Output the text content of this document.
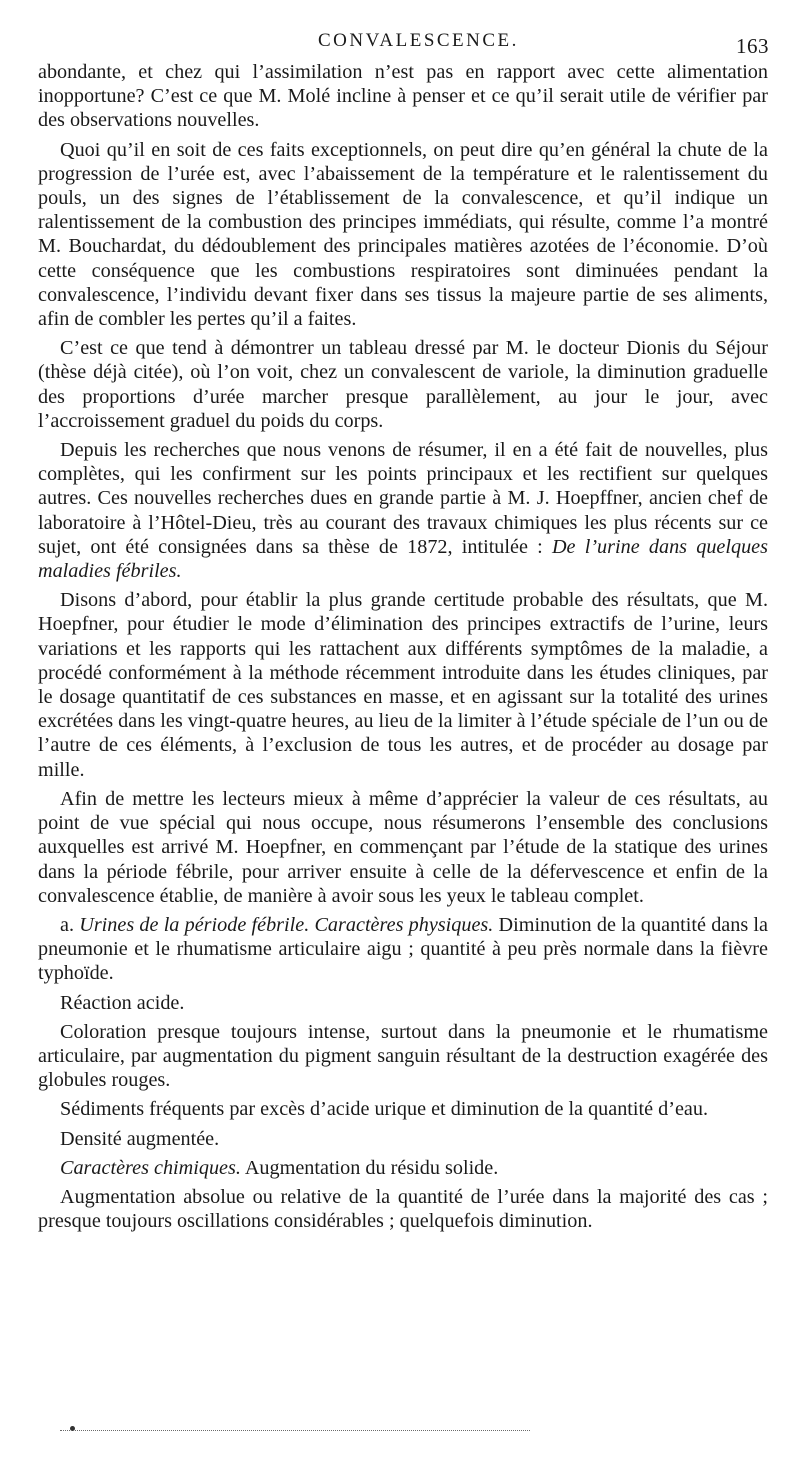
CONVALESCENCE.	163

abondante, et chez qui l’assimilation n’est pas en rapport avec cette alimentation inopportune? C’est ce que M. Molé incline à penser et ce qu’il serait utile de vérifier par des observations nouvelles.

Quoi qu’il en soit de ces faits exceptionnels, on peut dire qu’en général la chute de la progression de l’urée est, avec l’abaissement de la température et le ralentissement du pouls, un des signes de l’établissement de la convalescence, et qu’il indique un ralentissement de la combustion des principes immédiats, qui résulte, comme l’a montré M. Bouchardat, du dédoublement des principales matières azotées de l’économie. D’où cette conséquence que les combustions respiratoires sont diminuées pendant la convalescence, l’individu devant fixer dans ses tissus la majeure partie de ses aliments, afin de combler les pertes qu’il a faites.

C’est ce que tend à démontrer un tableau dressé par M. le docteur Dionis du Séjour (thèse déjà citée), où l’on voit, chez un convalescent de variole, la diminution graduelle des proportions d’urée marcher presque parallèlement, au jour le jour, avec l’accroissement graduel du poids du corps.

Depuis les recherches que nous venons de résumer, il en a été fait de nouvelles, plus complètes, qui les confirment sur les points principaux et les rectifient sur quelques autres. Ces nouvelles recherches dues en grande partie à M. J. Hoepffner, ancien chef de laboratoire à l’Hôtel-Dieu, très au courant des travaux chimiques les plus récents sur ce sujet, ont été consignées dans sa thèse de 1872, intitulée : De l’urine dans quelques maladies fébriles.

Disons d’abord, pour établir la plus grande certitude probable des résultats, que M. Hoepfner, pour étudier le mode d’élimination des principes extractifs de l’urine, leurs variations et les rapports qui les rattachent aux différents symptômes de la maladie, a procédé conformément à la méthode récemment introduite dans les études cliniques, par le dosage quantitatif de ces substances en masse, et en agissant sur la totalité des urines excrétées dans les vingt-quatre heures, au lieu de la limiter à l’étude spéciale de l’un ou de l’autre de ces éléments, à l’exclusion de tous les autres, et de procéder au dosage par mille.

Afin de mettre les lecteurs mieux à même d’apprécier la valeur de ces résultats, au point de vue spécial qui nous occupe, nous résumerons l’ensemble des conclusions auxquelles est arrivé M. Hoepfner, en commençant par l’étude de la statique des urines dans la période fébrile, pour arriver ensuite à celle de la défervescence et enfin de la convalescence établie, de manière à avoir sous les yeux le tableau complet.

a. Urines de la période fébrile. Caractères physiques. Diminution de la quantité dans la pneumonie et le rhumatisme articulaire aigu ; quantité à peu près normale dans la fièvre typhoïde.

Réaction acide.

Coloration presque toujours intense, surtout dans la pneumonie et le rhumatisme articulaire, par augmentation du pigment sanguin résultant de la destruction exagérée des globules rouges.

Sédiments fréquents par excès d’acide urique et diminution de la quantité d’eau.

Densité augmentée.

Caractères chimiques. Augmentation du résidu solide.

Augmentation absolue ou relative de la quantité de l’urée dans la majorité des cas ; presque toujours oscillations considérables ; quelquefois diminution.
